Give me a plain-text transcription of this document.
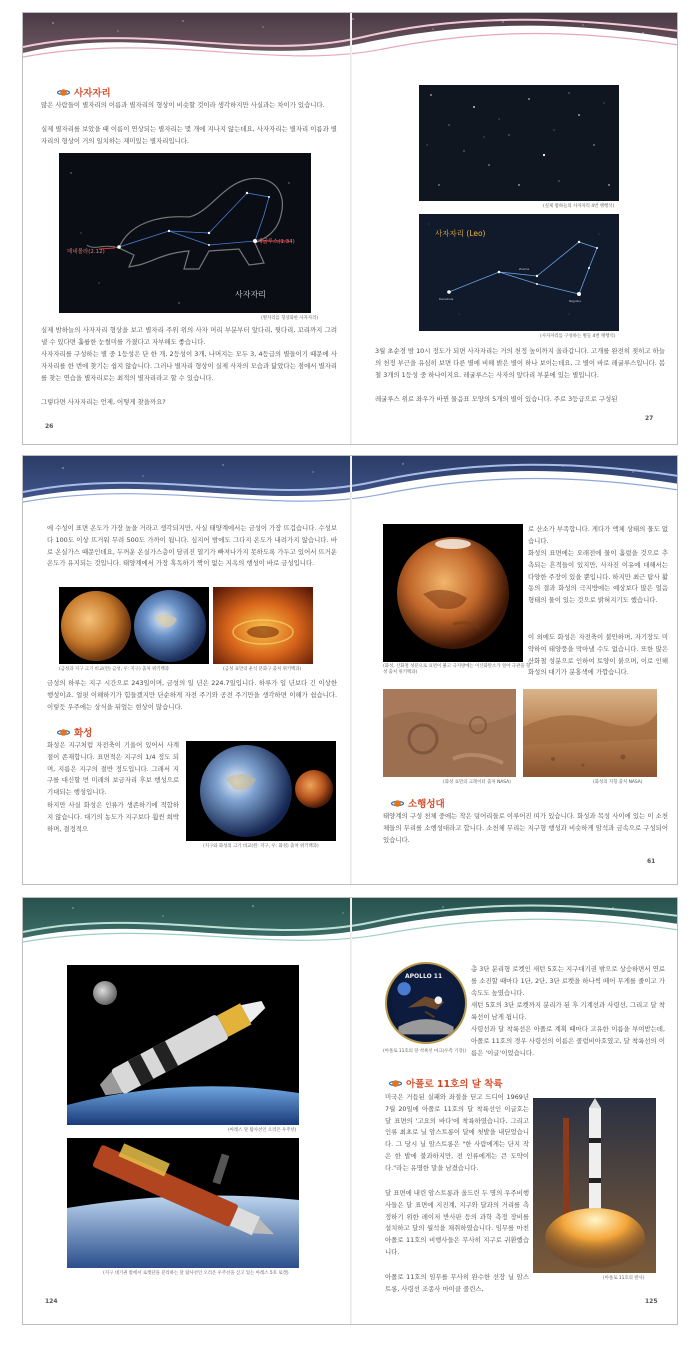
사자자리

많은 사람들이 별자리의 이름과 별자리의 형상이 비슷할 것이라 생각하지만 사실과는 차이가 있습니다.

실제 별자리를 보았을 때 이름이 연상되는 별자리는 몇 개에 지나지 않는데요, 사자자리는 별자리 이름과 별자리의 형상이 거의 일치하는 재미있는 별자리입니다.

데네볼라(2.12)
레굴루스(1.34)
사자자리
(별자리를 형상화한 사자자리)

실제 밤하늘의 사자자리 형상을 보고 별자리 주위 위의 사자 머리 부분부터 앞다리, 뒷다리, 꼬리까지 그려 낼 수 있다면 훌륭한 눈썰미를 가졌다고 자부해도 좋습니다.

사자자리를 구성하는 별 중 1등성은 단 한 개, 2등성이 3개, 나머지는 모두 3, 4등급의 별들이기 때문에 사자자리를 한 번에 찾기는 쉽지 않습니다. 그러나 별자리 형상이 실제 사자의 모습과 닮았다는 점에서 별자리를 찾는 연습을 별자리로는 최적의 별자리라고 할 수 있습니다.

그렇다면 사자자리는 언제, 어떻게 찾을까요?

26
(실제 밤하늘의 사자자리 4번 맹행석)
Denebola	Regulus
Zosma
사자자리 (Leo)
(사자자리를 구성하는 별들 4번 맹행석)

3월 초순경 밤 10시 정도가 되면 사자자리는 거의 천정 높이까지 올라갑니다. 고개를 완전히 젖히고 하늘의 천정 부근을 유심히 보면 다른 별에 비해 밝은 별이 하나 보이는데요, 그 별이 바로 레굴루스입니다. 봄철 3개의 1등성 중 하나이지요. 레굴루스는 사자의 앞다리 부분에 있는 별입니다.

레굴루스 위로 좌우가 바뀐 물음표 모양의 5개의 별이 있습니다. 주로 3등급으로 구성된

27

에 수성이 표면 온도가 가장 높을 거라고 생각되지만, 사실 태양계에서는 금성이 가장 뜨겁습니다. 수성보다 100도 이상 뜨거워 무려 500도 가까이 됩니다. 심지어 밤에도 그다지 온도가 내려가지 않습니다. 바로 온실가스 때문인데요, 두꺼운 온실가스층이 담궈진 열기가 빠져나가지 못하도록 가두고 있어서 뜨거운 온도가 유지되는 것입니다. 태양계에서 가장 혹독하기 짝이 없는 지옥의 행성이 바로 금성입니다.

(금성과 지구 크기 비교(왼) 금성, 우: 지구) 출처 위키백과	(금성 표면의 운석 분화구 출처 위키백과)

금성의 하루는 지구 시간으로 243일이며, 금성의 일 년은 224.7일입니다. 하루가 일 년보다 긴 이상한 행성이죠. 얼핏 이해하기가 힘들겠지만 단순하게 자전 주기와 공전 주기만을 생각하면 이해가 쉽습니다. 이렇듯 우주에는 상식을 뒤엎는 현상이 많습니다.

화성

화성은 지구처럼 자전축이 기울어 있어서 사계절이 존재합니다. 표면적은 지구의 1/4 정도 되며, 지름은 지구의 절반 정도입니다. 그래서 지구를 대신할 먼 미래의 보금자리 후보 행성으로 기대되는 행성입니다.

하지만 사실 화성은 인류가 생존하기에 적합하지 않습니다. 대기의 농도가 지구보다 훨씬 희박하며, 결정적으

(지구와 화성의 크기 비교(왼: 지구, 우: 화성) 출처 위키백과)
(화성, 산화철 성분으로 표면이 붉고 극지방에는 이산화탄소가 얼어 극관을 형성 출처 위키백과)

로 산소가 부족합니다. 게다가 액체 상태의 물도 없습니다.

화성의 표면에는 오래전에 물이 흘렀을 것으로 추측되는 흔적들이 있지만, 사자진 이유에 대해서는 다양한 주장이 있을 뿐입니다. 하지만 최근 탐사 활동의 결과 화성의 극지방에는 예상보다 많은 얼음 형태의 물이 있는 것으로 밝혀지기도 했습니다.

이 외에도 화성은 자전축이 불안하며, 자기장도 미약하여 태양풍을 막아낼 수도 없습니다. 또한 많은 산화철 성분으로 인하여 토양이 붉으며, 이로 인해 화성의 대기가 분홍색에 가깝습니다.

(화성 표면의 크레이터 출처 NASA)	(화성의 지형 출처 NASA)
소행성대

태양계의 구성 천체 중에는 작은 덩어리들로 이루어진 띠가 있습니다. 화성과 목성 사이에 있는 이 소천체들의 무리를 소행성대라고 합니다. 소천체 무리는 지구형 행성과 비슷하게 암석과 금속으로 구성되어 있습니다.

61
(아레스 달 탐사선인 오리온 우주선)
(지구 대기권 밖에서 로켓단을 분리하는 달 탐사선인 오리온 우주선을 싣고 있는 아레스 5호 로켓)
124
APOLLO 11
(아폴로 11호의 달 착륙선 마크(우측 기장))

총 3단 분리형 로켓인 새턴 5호는 지구대기권 밖으로 상승하면서 연료를 소진할 때마다 1단, 2단, 3단 로켓을 하나씩 떼어 무게를 줄이고 가속도도 높였습니다.

새턴 5호의 3단 로켓까지 분리가 된 후 기계선과 사령선, 그리고 달 착륙선이 남게 됩니다.

사령선과 달 착륙선은 아폴로 계획 때마다 고유한 이름을 부여받는데, 아폴로 11호의 경우 사령선의 이름은 콜럼비아호였고, 달 착륙선의 이름은 '이글'이었습니다.

아폴로 11호의 달 착륙

미국은 거듭된 실패와 좌절을 딛고 드디어 1969년 7월 20일에 아폴로 11호의 달 착륙선인 이글호는 달 표면의 '고요의 바다'에 착륙하였습니다. 그리고 인류 최초로 닐 암스트롱이 달에 첫발을 내딛었습니다. 그 당시 닐 암스트롱은 "한 사람에게는 단지 작은 한 발에 불과하지만, 전 인류에게는 큰 도약이다."라는 유명한 말을 남겼습니다.

달 표면에 내린 암스트롱과 올드린 두 명의 우주비행사들은 달 표면에 지진계, 지구와 달과의 거리를 측정하기 위한 레이저 반사판 등의 과학 측정 장비를 설치하고 달의 월석을 채취하였습니다. 임무를 마친 아폴로 11호의 비행사들은 무사히 지구로 귀환했습니다.

아폴로 11호의 임무를 무사히 완수한 선장 닐 암스트롱, 사령선 조종사 마이클 콜린스,

(아폴로 11호의 발사)
125
